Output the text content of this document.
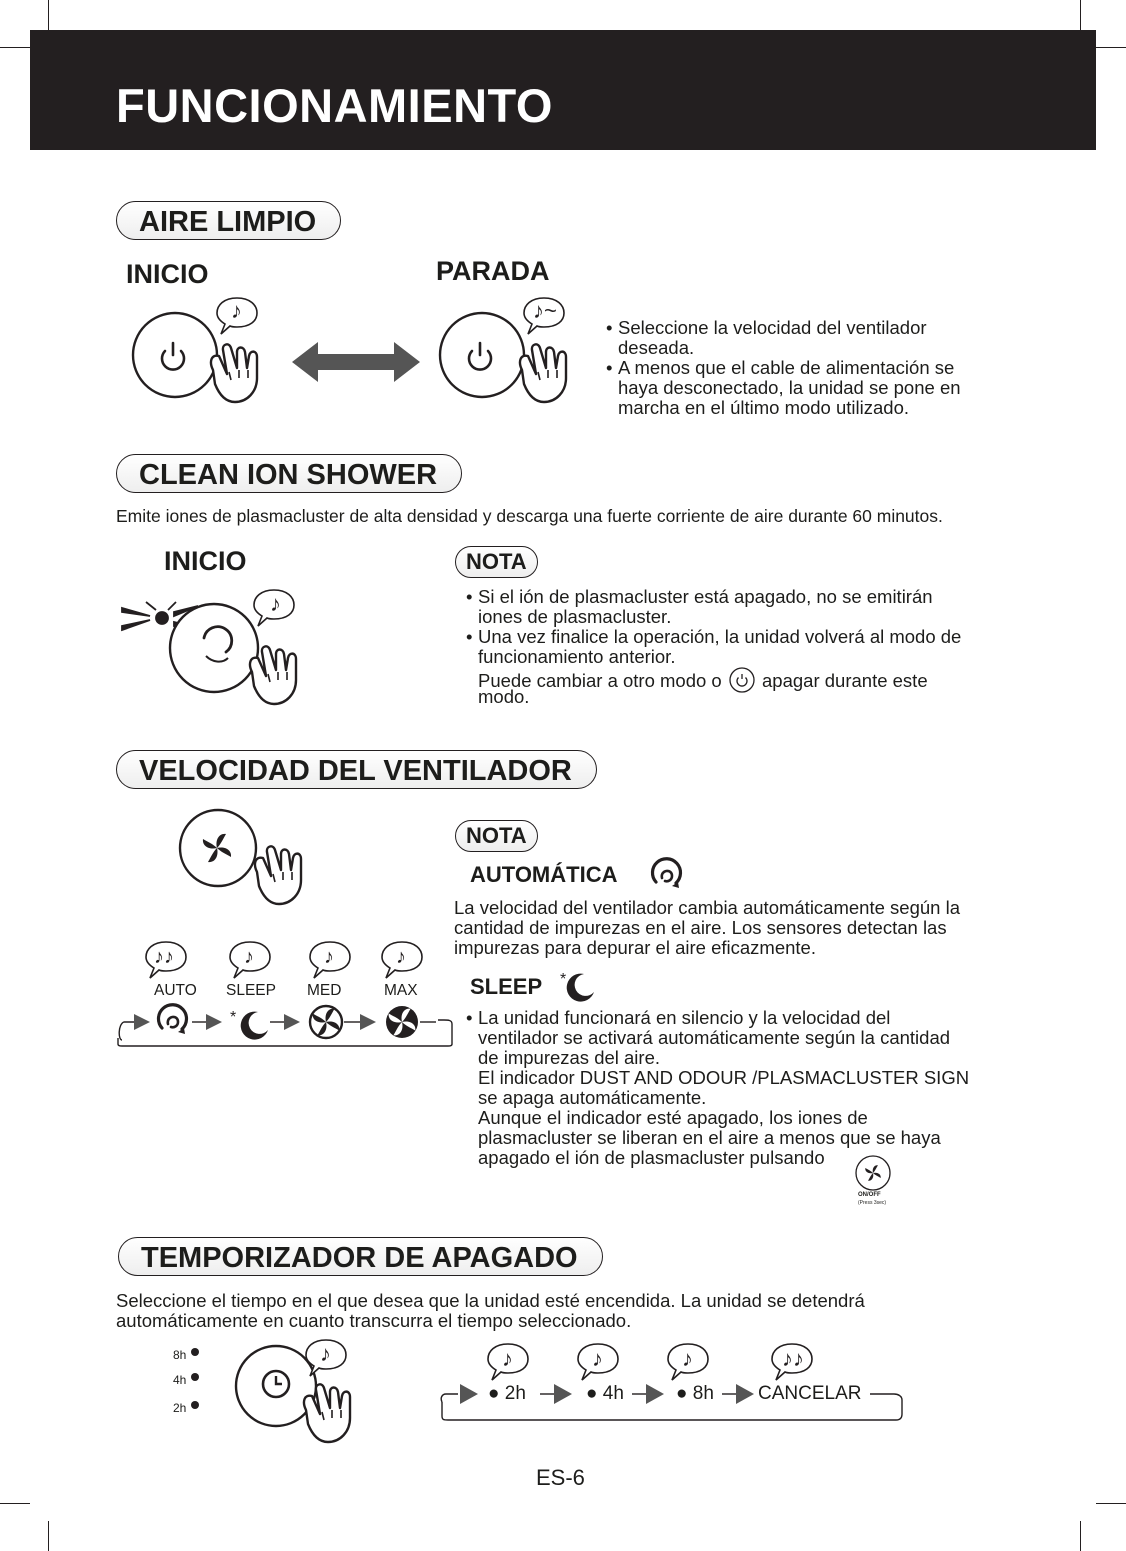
FUNCIONAMIENTO
AIRE LIMPIO
INICIO	PARADA
♪	♪~
• Seleccione la velocidad del ventilador
deseada.
• A menos que el cable de alimentación se
haya desconectado, la unidad se pone en
marcha en el último modo utilizado.
CLEAN ION SHOWER
Emite iones de plasmacluster de alta densidad y descarga una fuerte corriente de aire durante 60 minutos.
INICIO
♪
NOTA
• Si el ión de plasmacluster está apagado, no se emitirán
iones de plasmacluster.
• Una vez finalice la operación, la unidad volverá al modo de
funcionamiento anterior.
Puede cambiar a otro modo o apagar durante este
modo.
VELOCIDAD DEL VENTILADOR
♪♪	♪	♪	♪
AUTO SLEEP MED	MAX
*
NOTA
AUTOMÁTICA
La velocidad del ventilador cambia automáticamente según la
cantidad de impurezas en el aire. Los sensores detectan las
impurezas para depurar el aire eficazmente.
SLEEP *
• La unidad funcionará en silencio y la velocidad del
ventilador se activará automáticamente según la cantidad
de impurezas del aire.
El indicador DUST AND ODOUR /PLASMACLUSTER SIGN
se apaga automáticamente.
Aunque el indicador esté apagado, los iones de
plasmacluster se liberan en el aire a menos que se haya
apagado el ión de plasmacluster pulsando
ON/OFF
(Press 3sec)
TEMPORIZADOR DE APAGADO
Seleccione el tiempo en el que desea que la unidad esté encendida. La unidad se detendrá
automáticamente en cuanto transcurra el tiempo seleccionado.
8h
4h
2h
♪	♪	♪	♪	♪♪
● 2h	● 4h	● 8h CANCELAR
ES-6
